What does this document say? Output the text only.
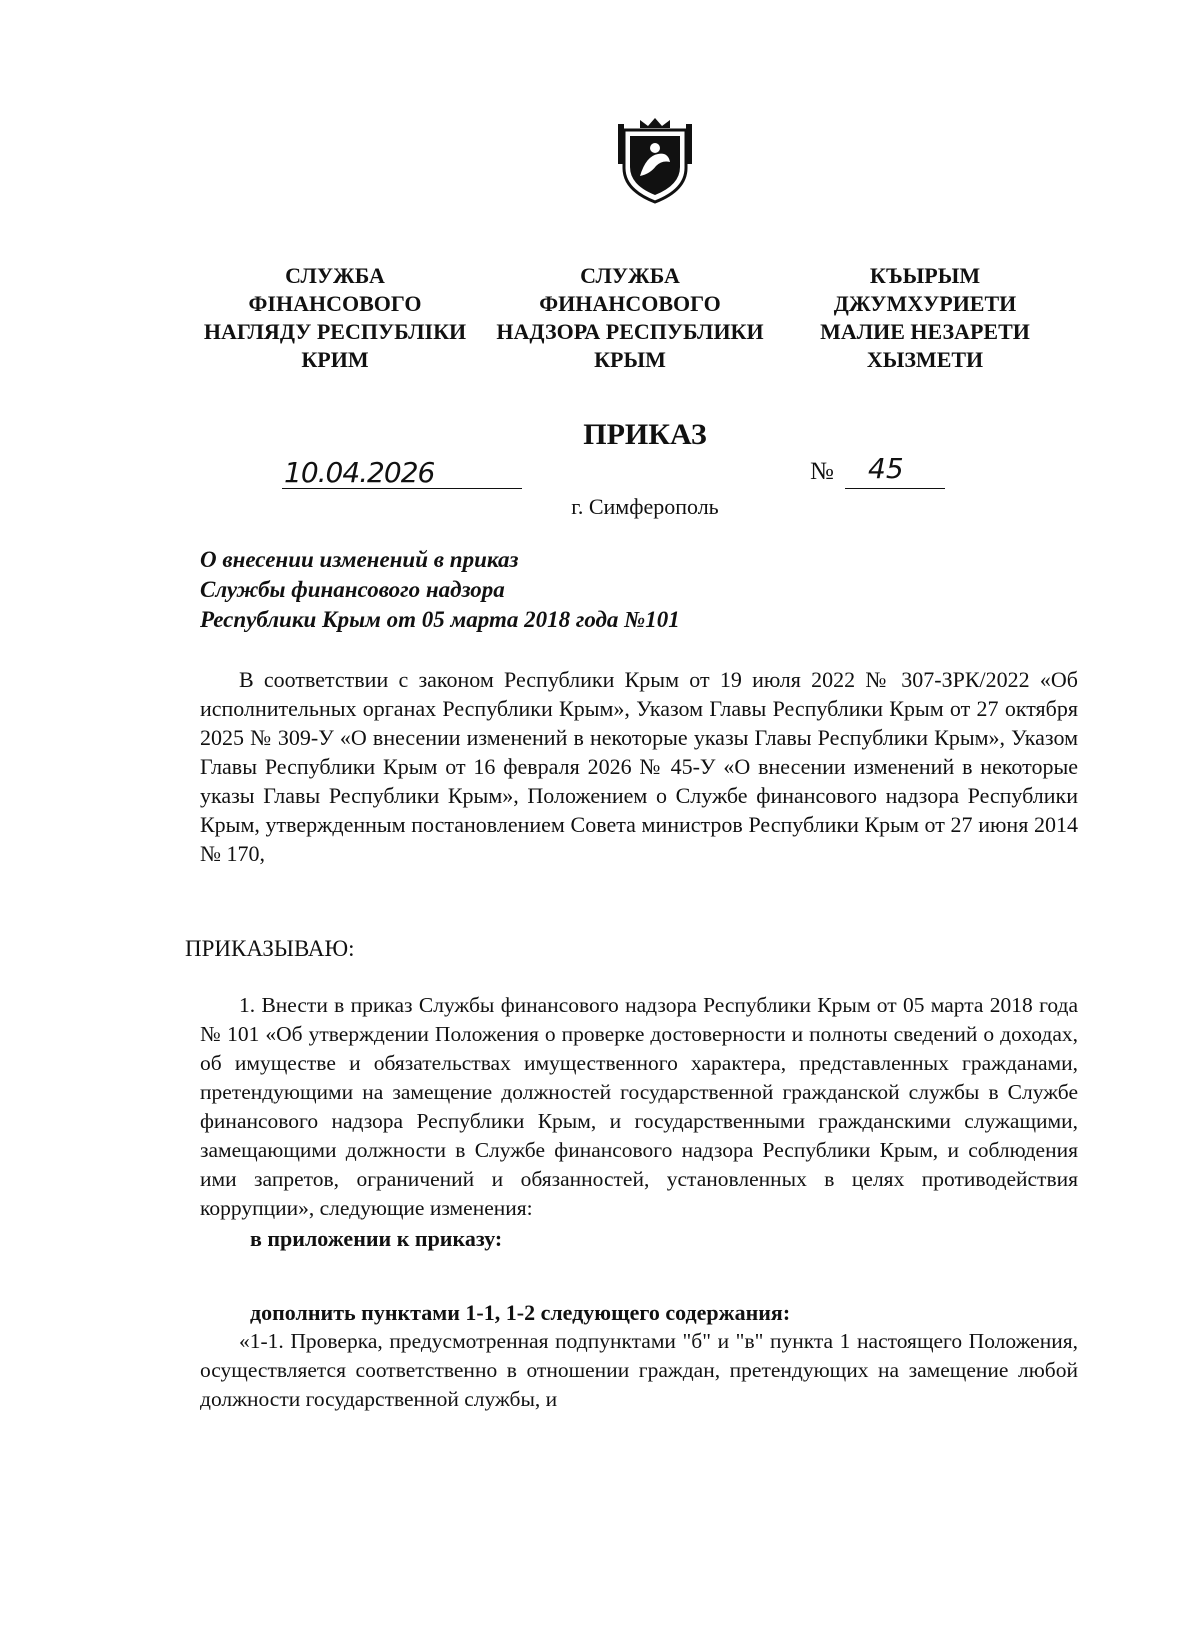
СЛУЖБА
ФІНАНСОВОГО
НАГЛЯДУ РЕСПУБЛІКИ
КРИМ
СЛУЖБА
ФИНАНСОВОГО
НАДЗОРА РЕСПУБЛИКИ
КРЫМ
КЪЫРЫМ
ДЖУМХУРИЕТИ
МАЛИЕ НЕЗАРЕТИ
ХЫЗМЕТИ
ПРИКАЗ
10.04.2026	№ 45
г. Симферополь
О внесении изменений в приказ
Службы финансового надзора
Республики Крым от 05 марта 2018 года №101
В соответствии с законом Республики Крым от 19 июля 2022 № 307-ЗРК/2022 «Об исполнительных органах Республики Крым», Указом Главы Республики Крым от 27 октября 2025 № 309-У «О внесении изменений в некоторые указы Главы Республики Крым», Указом Главы Республики Крым от 16 февраля 2026 № 45-У «О внесении изменений в некоторые указы Главы Республики Крым», Положением о Службе финансового надзора Республики Крым, утвержденным постановлением Совета министров Республики Крым от 27 июня 2014 № 170,
ПРИКАЗЫВАЮ:
1. Внести в приказ Службы финансового надзора Республики Крым от 05 марта 2018 года № 101 «Об утверждении Положения о проверке достоверности и полноты сведений о доходах, об имуществе и обязательствах имущественного характера, представленных гражданами, претендующими на замещение должностей государственной гражданской службы в Службе финансового надзора Республики Крым, и государственными гражданскими служащими, замещающими должности в Службе финансового надзора Республики Крым, и соблюдения ими запретов, ограничений и обязанностей, установленных в целях противодействия коррупции», следующие изменения:
в приложении к приказу:
дополнить пунктами 1-1, 1-2 следующего содержания:
«1-1. Проверка, предусмотренная подпунктами "б" и "в" пункта 1 настоящего Положения, осуществляется соответственно в отношении граждан, претендующих на замещение любой должности государственной службы, и
